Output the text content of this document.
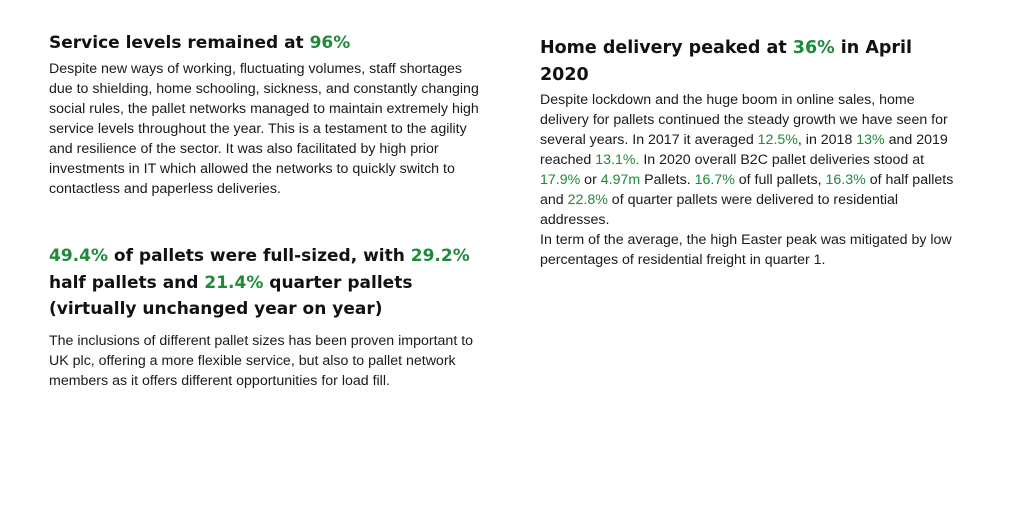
Service levels remained at 96%

Despite new ways of working, fluctuating volumes, staff shortages due to shielding, home schooling, sickness, and constantly changing social rules, the pallet networks managed to maintain extremely high service levels throughout the year. This is a testament to the agility and resilience of the sector. It was also facilitated by high prior investments in IT which allowed the networks to quickly switch to contactless and paperless deliveries.

49.4% of pallets were full-sized, with 29.2% half pallets and 21.4% quarter pallets (virtually unchanged year on year)

The inclusions of different pallet sizes has been proven important to UK plc, offering a more flexible service, but also to pallet network members as it offers different opportunities for load fill.

Home delivery peaked at 36% in April 2020

Despite lockdown and the huge boom in online sales, home delivery for pallets continued the steady growth we have seen for several years. In 2017 it averaged 12.5%, in 2018 13% and 2019 reached 13.1%. In 2020 overall B2C pallet deliveries stood at 17.9% or 4.97m Pallets. 16.7% of full pallets, 16.3% of half pallets and 22.8% of quarter pallets were delivered to residential addresses.
In term of the average, the high Easter peak was mitigated by low percentages of residential freight in quarter 1.
